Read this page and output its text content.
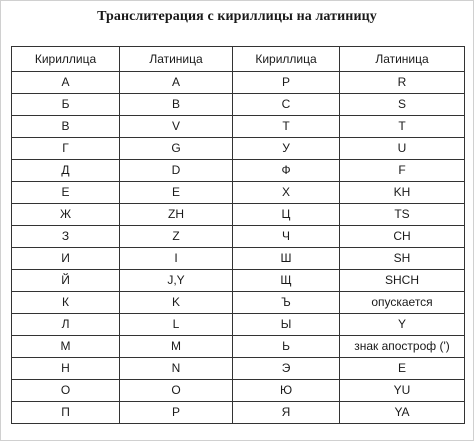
Транслитерация с кириллицы на латиницу
Кириллица	Латиница	Кириллица	Латиница
А	A	Р	R
Б	B	С	S
В	V	Т	T
Г	G	У	U
Д	D	Ф	F
Е	E	Х	KH
Ж	ZH	Ц	TS
З	Z	Ч	CH
И	I	Ш	SH
Й	J,Y	Щ	SHCH
К	K	Ъ	опускается
Л	L	Ы	Y
М	M	Ь	знак апостроф (')
Н	N	Э	E
О	O	Ю	YU
П	P	Я	YA
